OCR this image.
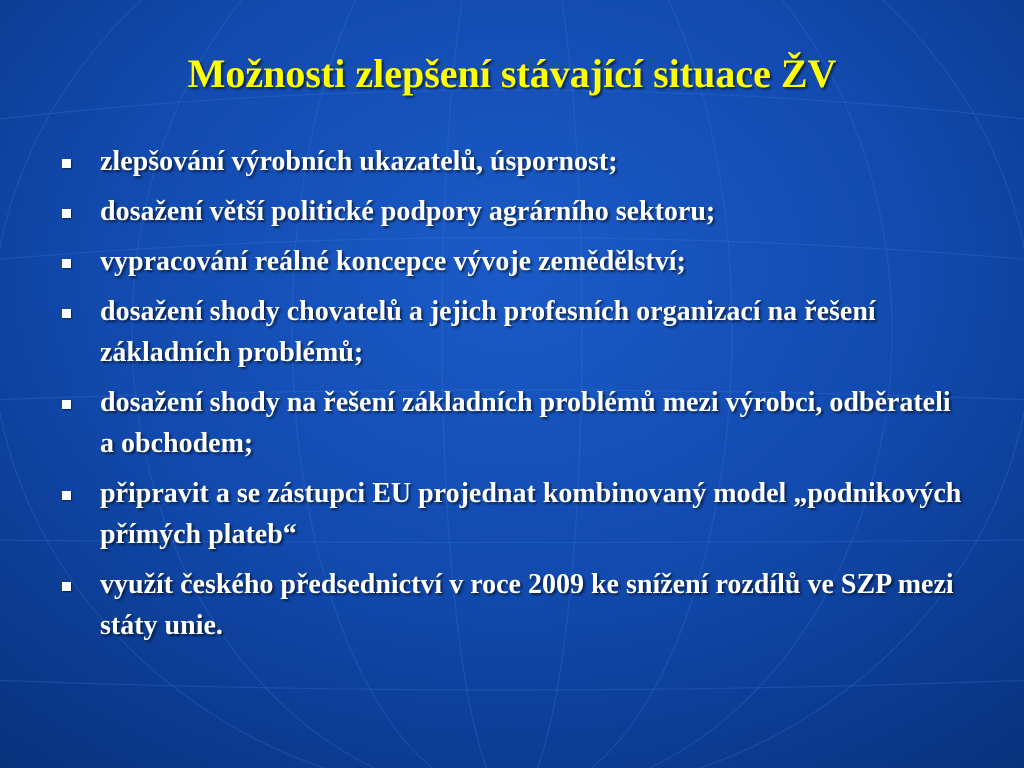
Možnosti zlepšení stávající situace ŽV
zlepšování výrobních ukazatelů, úspornost;
dosažení větší politické podpory agrárního sektoru;
vypracování reálné koncepce vývoje zemědělství;
dosažení shody chovatelů a jejich profesních organizací na řešení základních problémů;
dosažení shody na řešení základních problémů mezi výrobci, odběrateli a obchodem;
připravit a se zástupci EU projednat kombinovaný model „podnikových přímých plateb“
využít českého předsednictví v roce 2009 ke snížení rozdílů ve SZP mezi státy unie.
